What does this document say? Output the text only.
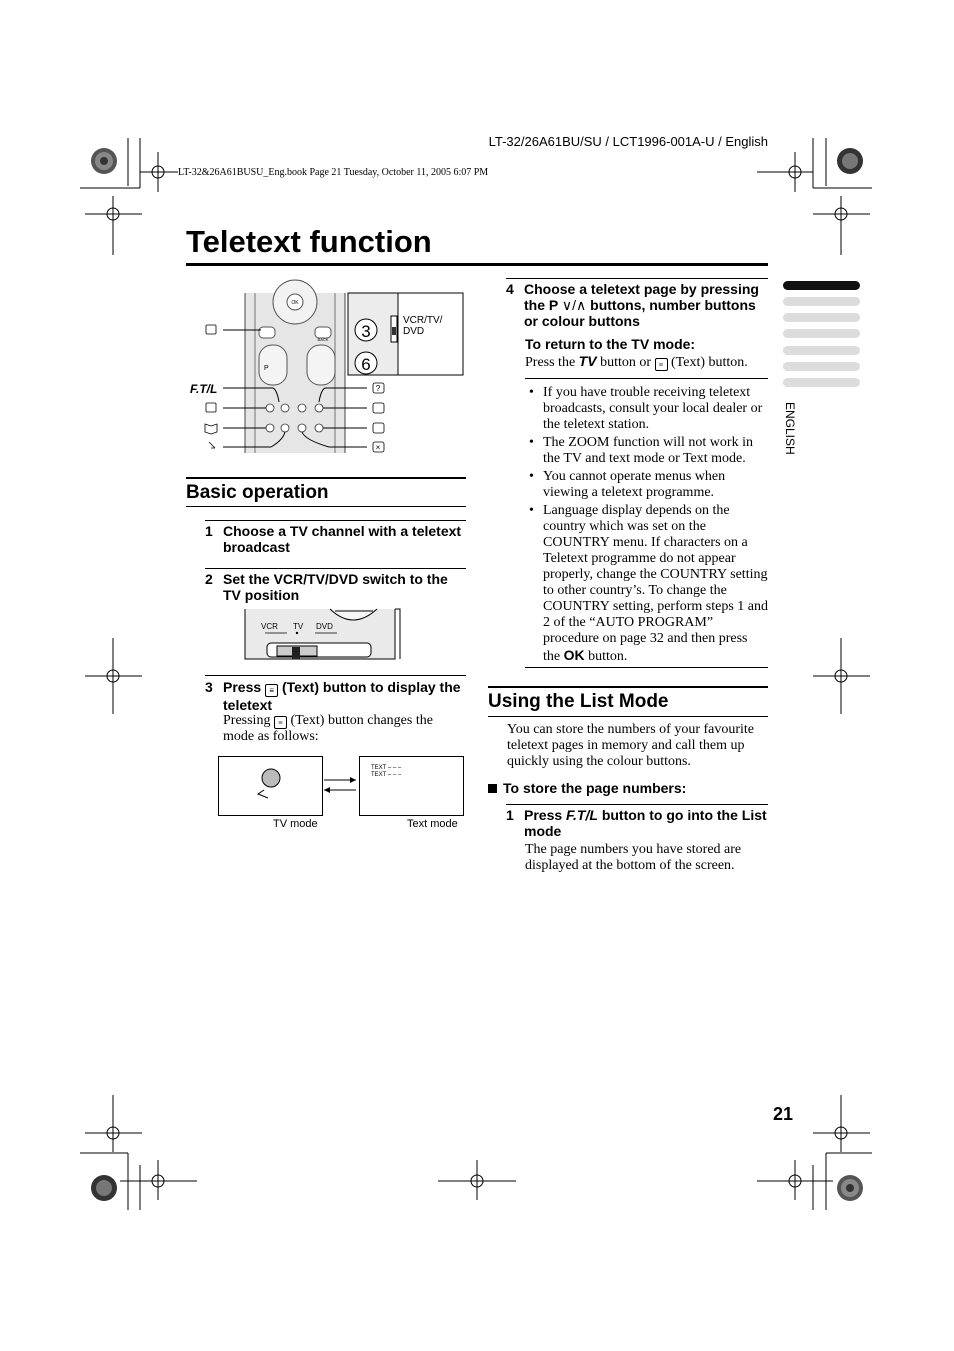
LT-32/26A61BU/SU / LCT1996-001A-U / English
LT-32&26A61BUSU_Eng.book Page 21 Tuesday, October 11, 2005 6:07 PM
Teletext function
ENGLISH
OK
BACK
P
F.T/L	?
×
3
6
VCR/TV/
DVD
Basic operation
1 Choose a TV channel with a teletext broadcast
2 Set the VCR/TV/DVD switch to the TV position
VCR TV DVD
3 Press ≡ (Text) button to display the teletext
Pressing ≡ (Text) button changes the mode as follows:
TEXT – – –
TEXT – – –
TV mode	Text mode
4 Choose a teletext page by pressing the P ∨/∧ buttons, number buttons or colour buttons
To return to the TV mode:
Press the TV button or ≡ (Text) button.
• If you have trouble receiving teletext broadcasts, consult your local dealer or the teletext station.
• The ZOOM function will not work in the TV and text mode or Text mode.
• You cannot operate menus when viewing a teletext programme.
• Language display depends on the country which was set on the COUNTRY menu. If characters on a Teletext programme do not appear properly, change the COUNTRY setting to other country’s. To change the COUNTRY setting, perform steps 1 and 2 of the “AUTO PROGRAM” procedure on page 32 and then press the OK button.
Using the List Mode
You can store the numbers of your favourite teletext pages in memory and call them up quickly using the colour buttons.
To store the page numbers:
1 Press F.T/L button to go into the List mode
The page numbers you have stored are displayed at the bottom of the screen.
21
